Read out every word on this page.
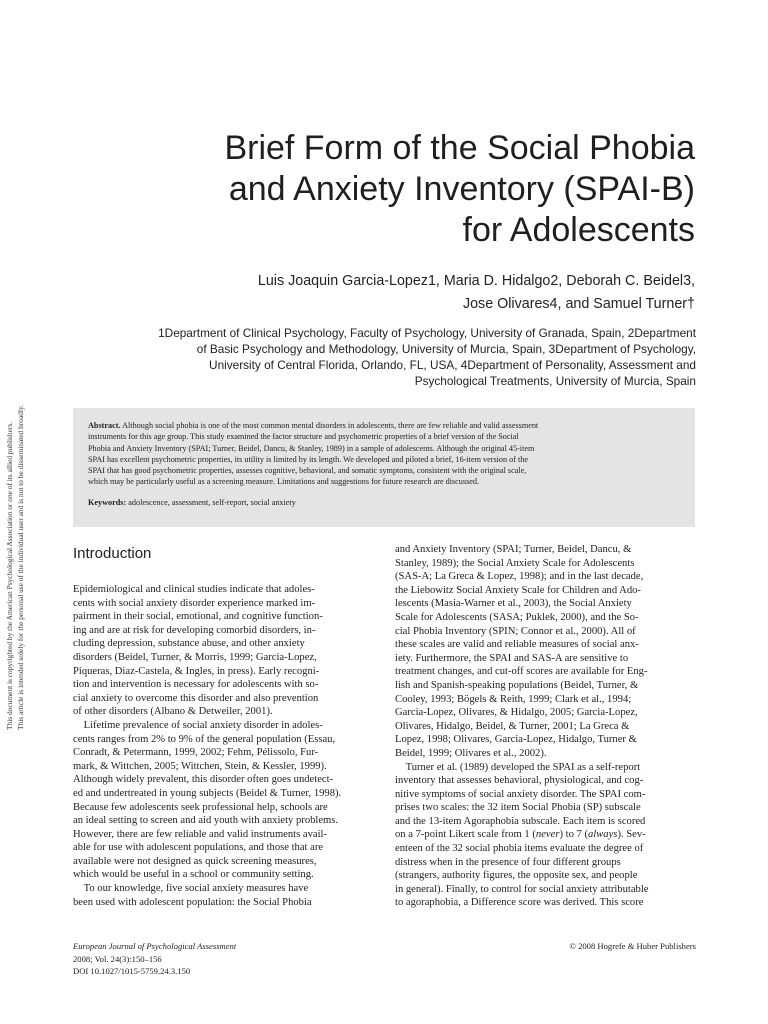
This document is copyrighted by the American Psychological Association or one of its allied publishers. This article is intended solely for the personal use of the individual user and is not to be disseminated broadly.
Brief Form of the Social Phobia
and Anxiety Inventory (SPAI-B)
for Adolescents
Luis Joaquin Garcia-Lopez1, Maria D. Hidalgo2, Deborah C. Beidel3,
Jose Olivares4, and Samuel Turner†
1Department of Clinical Psychology, Faculty of Psychology, University of Granada, Spain, 2Department
of Basic Psychology and Methodology, University of Murcia, Spain, 3Department of Psychology,
University of Central Florida, Orlando, FL, USA, 4Department of Personality, Assessment and
Psychological Treatments, University of Murcia, Spain
Abstract. Although social phobia is one of the most common mental disorders in adolescents, there are few reliable and valid assessment
instruments for this age group. This study examined the factor structure and psychometric properties of a brief version of the Social
Phobia and Anxiety Inventory (SPAI; Turner, Beidel, Dancu, & Stanley, 1989) in a sample of adolescents. Although the original 45-item
SPAI has excellent psychometric properties, its utility is limited by its length. We developed and piloted a brief, 16-item version of the
SPAI that has good psychometric properties, assesses cognitive, behavioral, and somatic symptoms, consistent with the original scale,
which may be particularly useful as a screening measure. Limitations and suggestions for future research are discussed.
Keywords: adolescence, assessment, self-report, social anxiety
Introduction
Epidemiological and clinical studies indicate that adoles-
cents with social anxiety disorder experience marked im-
pairment in their social, emotional, and cognitive function-
ing and are at risk for developing comorbid disorders, in-
cluding depression, substance abuse, and other anxiety
disorders (Beidel, Turner, & Morris, 1999; Garcia-Lopez,
Piqueras, Diaz-Castela, & Ingles, in press). Early recogni-
tion and intervention is necessary for adolescents with so-
cial anxiety to overcome this disorder and also prevention
of other disorders (Albano & Detweiler, 2001).
Lifetime prevalence of social anxiety disorder in adoles-
cents ranges from 2% to 9% of the general population (Essau,
Conradt, & Petermann, 1999, 2002; Fehm, Pélissolo, Fur-
mark, & Wittchen, 2005; Wittchen, Stein, & Kessler, 1999).
Although widely prevalent, this disorder often goes undetect-
ed and undertreated in young subjects (Beidel & Turner, 1998).
Because few adolescents seek professional help, schools are
an ideal setting to screen and aid youth with anxiety problems.
However, there are few reliable and valid instruments avail-
able for use with adolescent populations, and those that are
available were not designed as quick screening measures,
which would be useful in a school or community setting.
To our knowledge, five social anxiety measures have
been used with adolescent population: the Social Phobia
and Anxiety Inventory (SPAI; Turner, Beidel, Dancu, &
Stanley, 1989); the Social Anxiety Scale for Adolescents
(SAS-A; La Greca & Lopez, 1998); and in the last decade,
the Liebowitz Social Anxiety Scale for Children and Ado-
lescents (Masia-Warner et al., 2003), the Social Anxiety
Scale for Adolescents (SASA; Puklek, 2000), and the So-
cial Phobia Inventory (SPIN; Connor et al., 2000). All of
these scales are valid and reliable measures of social anx-
iety. Furthermore, the SPAI and SAS-A are sensitive to
treatment changes, and cut-off scores are available for Eng-
lish and Spanish-speaking populations (Beidel, Turner, &
Cooley, 1993; Bögels & Reith, 1999; Clark et al., 1994;
Garcia-Lopez, Olivares, & Hidalgo, 2005; Garcia-Lopez,
Olivares, Hidalgo, Beidel, & Turner, 2001; La Greca &
Lopez, 1998; Olivares, Garcia-Lopez, Hidalgo, Turner &
Beidel, 1999; Olivares et al., 2002).
Turner et al. (1989) developed the SPAI as a self-report
inventory that assesses behavioral, physiological, and cog-
nitive symptoms of social anxiety disorder. The SPAI com-
prises two scales: the 32 item Social Phobia (SP) subscale
and the 13-item Agoraphobia subscale. Each item is scored
on a 7-point Likert scale from 1 (never) to 7 (always). Sev-
enteen of the 32 social phobia items evaluate the degree of
distress when in the presence of four different groups
(strangers, authority figures, the opposite sex, and people
in general). Finally, to control for social anxiety attributable
to agoraphobia, a Difference score was derived. This score
European Journal of Psychological Assessment
2008; Vol. 24(3):150–156
DOI 10.1027/1015-5759.24.3.150
© 2008 Hogrefe & Huber Publishers
